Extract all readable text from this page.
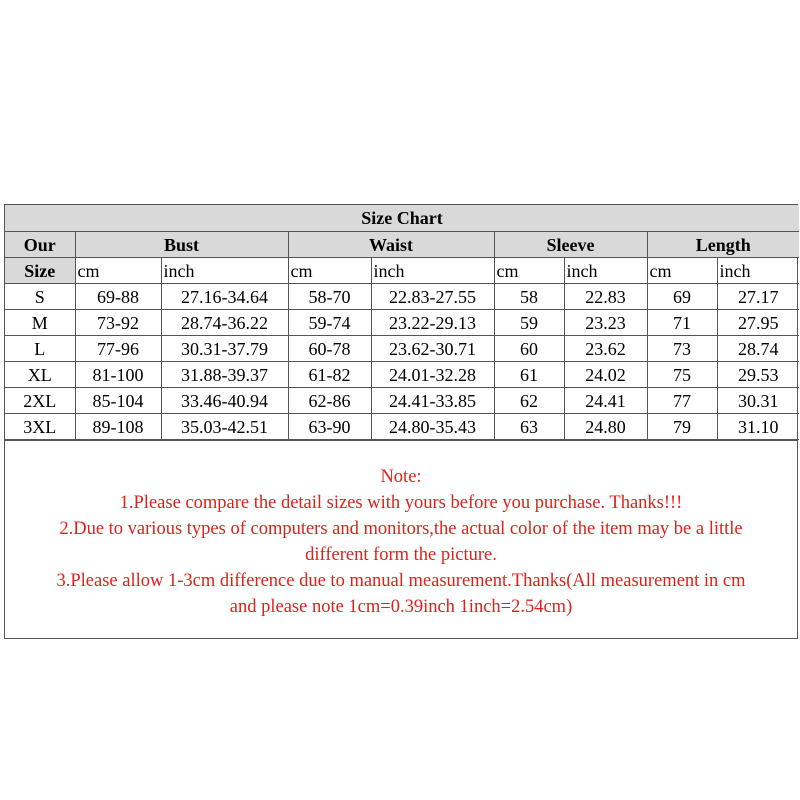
Size Chart								
Our	Bust		Waist		Sleeve		Length	
Size	cm	inch	cm	inch	cm	inch	cm	inch
S	69-88	27.16-34.64	58-70	22.83-27.55	58	22.83	69	27.17
M	73-92	28.74-36.22	59-74	23.22-29.13	59	23.23	71	27.95
L	77-96	30.31-37.79	60-78	23.62-30.71	60	23.62	73	28.74
XL	81-100	31.88-39.37	61-82	24.01-32.28	61	24.02	75	29.53
2XL	85-104	33.46-40.94	62-86	24.41-33.85	62	24.41	77	30.31
3XL	89-108	35.03-42.51	63-90	24.80-35.43	63	24.80	79	31.10
Note:
1.Please compare the detail sizes with yours before you purchase. Thanks!!!
2.Due to various types of computers and monitors,the actual color of the item may be a little
different form the picture.
3.Please allow 1-3cm difference due to manual measurement.Thanks(All measurement in cm
and please note 1cm=0.39inch 1inch=2.54cm)
